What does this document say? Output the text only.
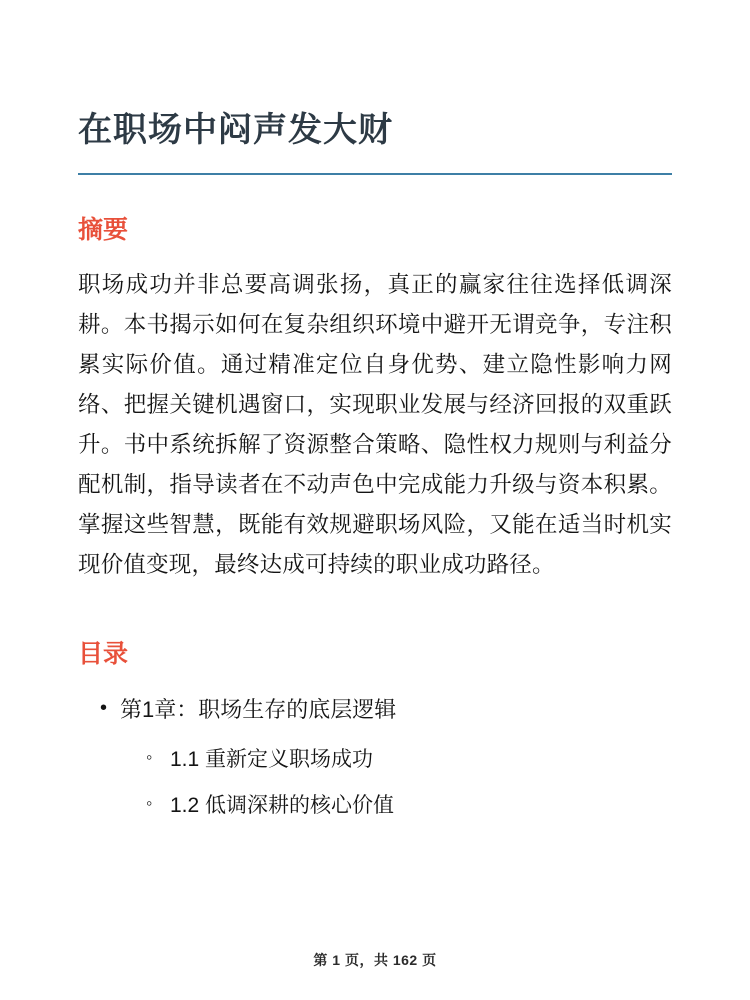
在职场中闷声发大财
摘要

职场成功并非总要高调张扬，真正的赢家往往选择低调深耕。本书揭示如何在复杂组织环境中避开无谓竞争，专注积累实际价值。通过精准定位自身优势、建立隐性影响力网络、把握关键机遇窗口，实现职业发展与经济回报的双重跃升。书中系统拆解了资源整合策略、隐性权力规则与利益分配机制，指导读者在不动声色中完成能力升级与资本积累。掌握这些智慧，既能有效规避职场风险，又能在适当时机实现价值变现，最终达成可持续的职业成功路径。

目录
• 第1章：职场生存的底层逻辑
◦ 1.1 重新定义职场成功
◦ 1.2 低调深耕的核心价值
第 1 页，共 162 页
